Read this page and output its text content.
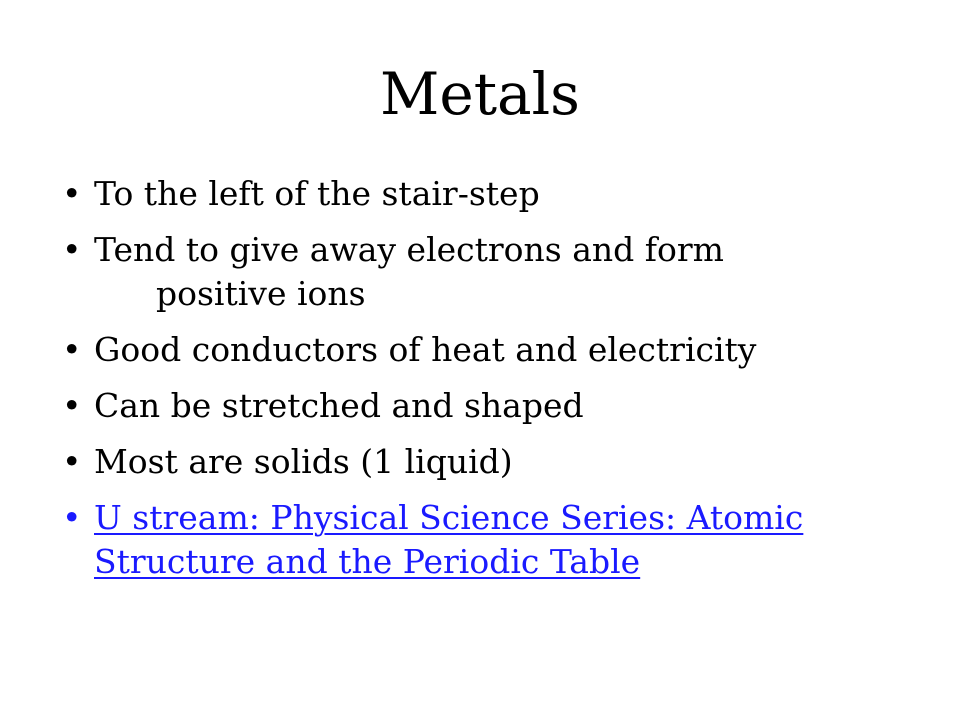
Metals
• To the left of the stair-step
• Tend to give away electrons and form positive ions
• Good conductors of heat and electricity
• Can be stretched and shaped
• Most are solids (1 liquid)
• U stream: Physical Science Series: Atomic Structure and the Periodic Table
